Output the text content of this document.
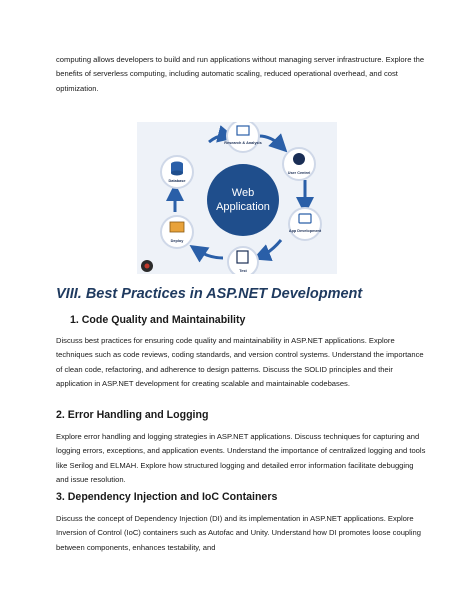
computing allows developers to build and run applications without managing server infrastructure. Explore the benefits of serverless computing, including automatic scaling, reduced operational overhead, and cost optimization.

Web
Application
Research & Analysis
User Centrel
App Development
Test
Deploy
Database
VIII. Best Practices in ASP.NET Development
1. Code Quality and Maintainability

Discuss best practices for ensuring code quality and maintainability in ASP.NET applications. Explore techniques such as code reviews, coding standards, and version control systems. Understand the importance of clean code, refactoring, and adherence to design patterns. Discuss the SOLID principles and their application in ASP.NET development for creating scalable and maintainable codebases.

2. Error Handling and Logging

Explore error handling and logging strategies in ASP.NET applications. Discuss techniques for capturing and logging errors, exceptions, and application events. Understand the importance of centralized logging and tools like Serilog and ELMAH. Explore how structured logging and detailed error information facilitate debugging and issue resolution.

3. Dependency Injection and IoC Containers

Discuss the concept of Dependency Injection (DI) and its implementation in ASP.NET applications. Explore Inversion of Control (IoC) containers such as Autofac and Unity. Understand how DI promotes loose coupling between components, enhances testability, and
